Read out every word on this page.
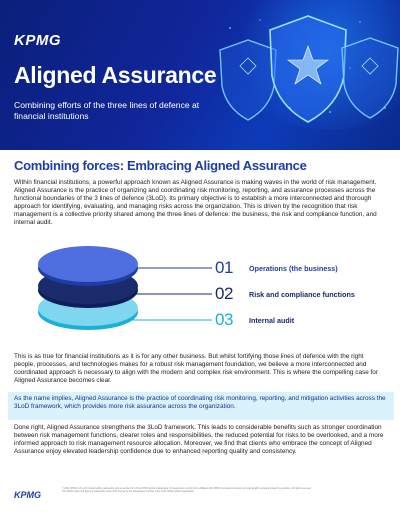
KPMG
Aligned Assurance
Combining efforts of the three lines of defence at financial institutions
Combining forces: Embracing Aligned Assurance
Within financial institutions, a powerful approach known as Aligned Assurance is making waves in the world of risk management. Aligned Assurance is the practice of organizing and coordinating risk monitoring, reporting, and assurance processes across the functional boundaries of the 3 lines of defence (3LoD). Its primary objective is to establish a more interconnected and thorough approach for identifying, evaluating, and managing risks across the organization. This is driven by the recognition that risk management is a collective priority shared among the three lines of defence: the business, the risk and compliance function, and internal audit.
01	Operations (the business)
02	Risk and compliance functions
03	Internal audit
This is as true for financial institutions as it is for any other business. But whilst fortifying those lines of defence with the right people, processes, and technologies makes for a robust risk management foundation, we believe a more interconnected and coordinated approach is necessary to align with the modern and complex risk environment. This is where the compelling case for Aligned Assurance becomes clear.
As the name implies, Aligned Assurance is the practice of coordinating risk monitoring, reporting, and mitigation activities across the 3LoD framework, which provides more risk assurance across the organization.
Done right, Aligned Assurance strengthens the 3LoD framework. This leads to considerable benefits such as stronger coordination between risk management functions, clearer roles and responsibilities, the reduced potential for risks to be overlooked, and a more informed approach to risk management resource allocation. Moreover, we find that clients who embrace the concept of Aligned Assurance enjoy elevated leadership confidence due to enhanced reporting quality and consistency.
KPMG
© 2024 KPMG LLP, a UK limited liability partnership and a member firm of the KPMG global organisation of independent member firms affiliated with KPMG International Limited, a private English company limited by guarantee. All rights reserved. The KPMG name and logo are trademarks used under license by the independent member firms of the KPMG global organisation.
